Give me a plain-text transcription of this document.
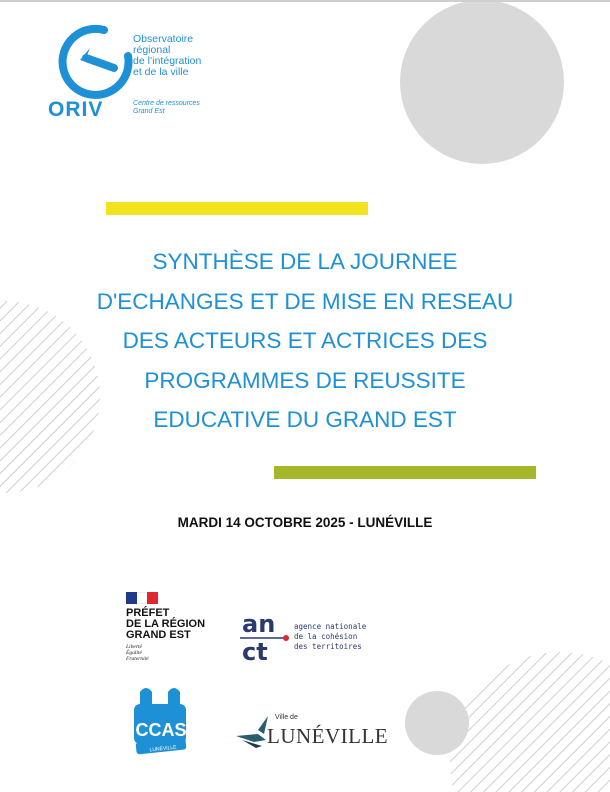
ORIV
Observatoire
régional
de l’intégration
et de la ville
Centre de ressources
Grand Est
SYNTHÈSE DE LA JOURNEE
D'ECHANGES ET DE MISE EN RESEAU
DES ACTEURS ET ACTRICES DES
PROGRAMMES DE REUSSITE
EDUCATIVE DU GRAND EST
MARDI 14 OCTOBRE 2025 - LUNÉVILLE
PRÉFET
DE LA RÉGION
GRAND EST
Liberté
Égalité
Fraternité
an
ct
agence nationale
de la cohésion
des territoires
CCAS
LUNÉVILLE
Ville de
LUNÉVILLE
